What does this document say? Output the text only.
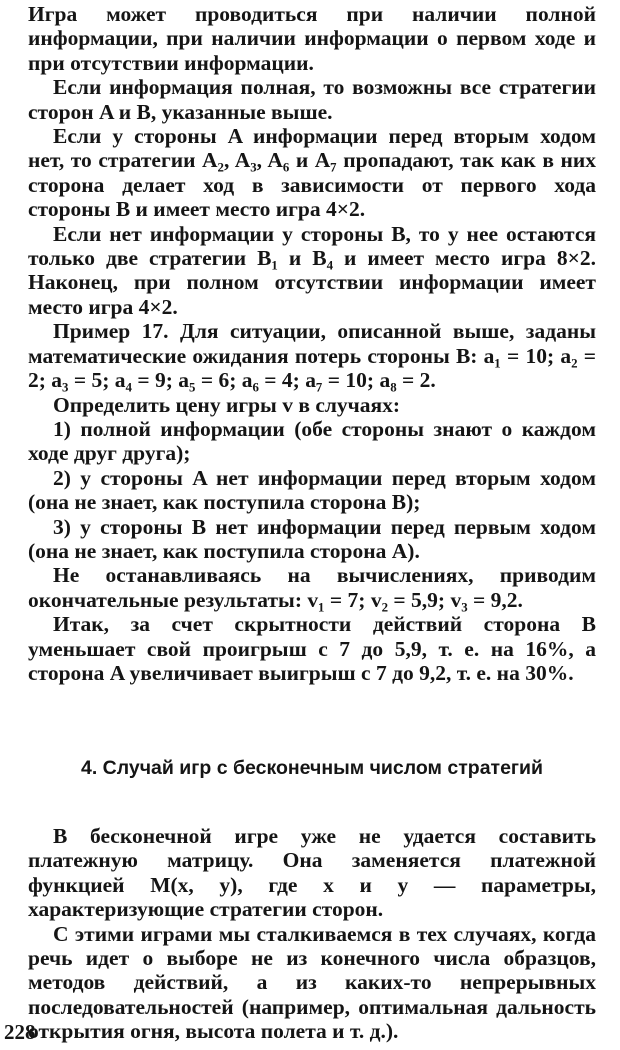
Игра может проводиться при наличии полной информации, при наличии информации о первом ходе и при отсутствии информации.

Если информация полная, то возможны все стратегии сторон A и B, указанные выше.

Если у стороны A информации перед вторым ходом нет, то стратегии A₂, A₃, A₆ и A₇ пропадают, так как в них сторона делает ход в зависимости от первого хода стороны B и имеет место игра 4×2.

Если нет информации у стороны B, то у нее остаются только две стратегии B₁ и B₄ и имеет место игра 8×2. Наконец, при полном отсутствии информации имеет место игра 4×2.

Пример 17. Для ситуации, описанной выше, заданы математические ожидания потерь стороны B: a₁ = 10; a₂ = 2; a₃ = 5; a₄ = 9; a₅ = 6; a₆ = 4; a₇ = 10; a₈ = 2.

Определить цену игры v в случаях:

1) полной информации (обе стороны знают о каждом ходе друг друга);

2) у стороны A нет информации перед вторым ходом (она не знает, как поступила сторона B);

3) у стороны B нет информации перед первым ходом (она не знает, как поступила сторона A).

Не останавливаясь на вычислениях, приводим окончательные результаты: v₁ = 7; v₂ = 5,9; v₃ = 9,2.

Итак, за счет скрытности действий сторона B уменьшает свой проигрыш с 7 до 5,9, т. е. на 16%, а сторона A увеличивает выигрыш с 7 до 9,2, т. е. на 30%.

4. Случай игр с бесконечным числом стратегий

В бесконечной игре уже не удается составить платежную матрицу. Она заменяется платежной функцией M(x, y), где x и y — параметры, характеризующие стратегии сторон.

С этими играми мы сталкиваемся в тех случаях, когда речь идет о выборе не из конечного числа образцов, методов действий, а из каких-то непрерывных последовательностей (например, оптимальная дальность открытия огня, высота полета и т. д.).

228
